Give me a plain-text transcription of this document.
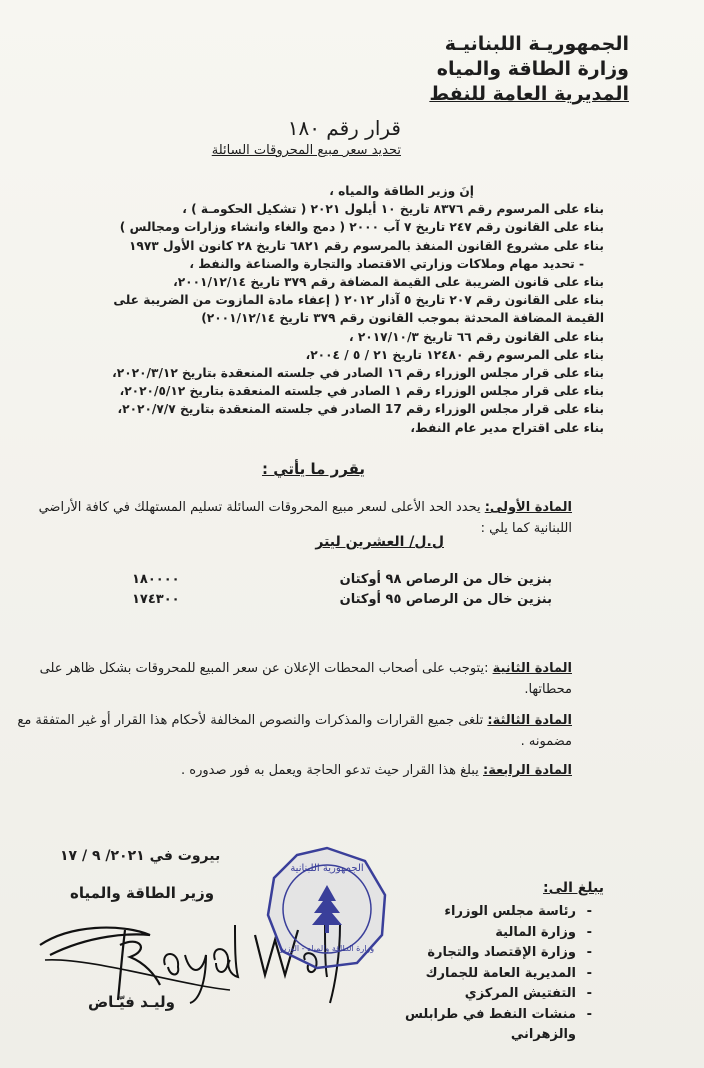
الجمهوريـة اللبنانيـة
وزارة الطاقة والمياه
المديرية العامة للنفط
قرار رقم ١٨٠
تحديد سعر مبيع المحروقات السائلة
إنَ وزير الطاقة والمياه ،
بناء على المرسوم رقم ٨٣٧٦ تاريخ ١٠ أيلول ٢٠٢١ ( تشكيل الحكومـة ) ،
بناء على القانون رقم ٢٤٧ تاريخ ٧ آب ٢٠٠٠ ( دمج والغاء وانشاء وزارات ومجالس )
بناء على مشروع القانون المنفذ بالمرسوم رقم ٦٨٢١ تاريخ ٢٨ كانون الأول ١٩٧٣
- تحديد مهام وملاكات وزارتي الاقتصاد والتجارة والصناعة والنفط ،
بناء على قانون الضريبة على القيمة المضافة رقم ٣٧٩ تاريخ ٢٠٠١/١٢/١٤،
بناء على القانون رقم ٢٠٧ تاريخ ٥ آذار ٢٠١٢ ( إعفاء مادة المازوت من الضريبة على
القيمة المضافة المحدثة بموجب القانون رقم ٣٧٩ تاريخ ٢٠٠١/١٢/١٤)
بناء على القانون رقم ٦٦ تاريخ ٢٠١٧/١٠/٣ ،
بناء على المرسوم رقم ١٢٤٨٠ تاريخ ٢١ / ٥ / ٢٠٠٤،
بناء على قرار مجلس الوزراء رقم ١٦ الصادر في جلسته المنعقدة بتاريخ ٢٠٢٠/٣/١٢،
بناء على قرار مجلس الوزراء رقم ١ الصادر في جلسته المنعقدة بتاريخ ٢٠٢٠/٥/١٢،
بناء على قرار مجلس الوزراء رقم 17 الصادر في جلسته المنعقدة بتاريخ ٢٠٢٠/٧/٧،
بناء على اقتراح مدير عام النفط،
يقرر ما يأتي :
المادة الأولى: يحدد الحد الأعلى لسعر مبيع المحروقات السائلة تسليم المستهلك في كافة الأراضي اللبنانية كما يلي :
ل.ل/ العشرين ليتر
بنزين خال من الرصاص ٩٨ أوكتان
١٨٠٠٠٠
بنزين خال من الرصاص ٩٥ أوكتان
١٧٤٣٠٠
المادة الثانية :يتوجب على أصحاب المحطات الإعلان عن سعر المبيع للمحروقات بشكل ظاهر على محطاتها.
المادة الثالثة: تلغى جميع القرارات والمذكرات والنصوص المخالفة لأحكام هذا القرار أو غير المتفقة مع مضمونه .
المادة الرابعة: يبلغ هذا القرار حيث تدعو الحاجة ويعمل به فور صدوره .
بيروت في ٢٠٢١/ ٩ / ١٧
وزير الطاقة والمياه
وليـد فيّـاض
الجمهورية اللبنانية
وزارة الطاقة والمياه - الوزير
يبلغ الى:
رئاسة مجلس الوزراء -
وزارة المالية -
وزارة الإقتصاد والتجارة -
المديرية العامة للجمارك -
التفتيش المركزي -
منشات النفط في طرابلس والزهراني -
